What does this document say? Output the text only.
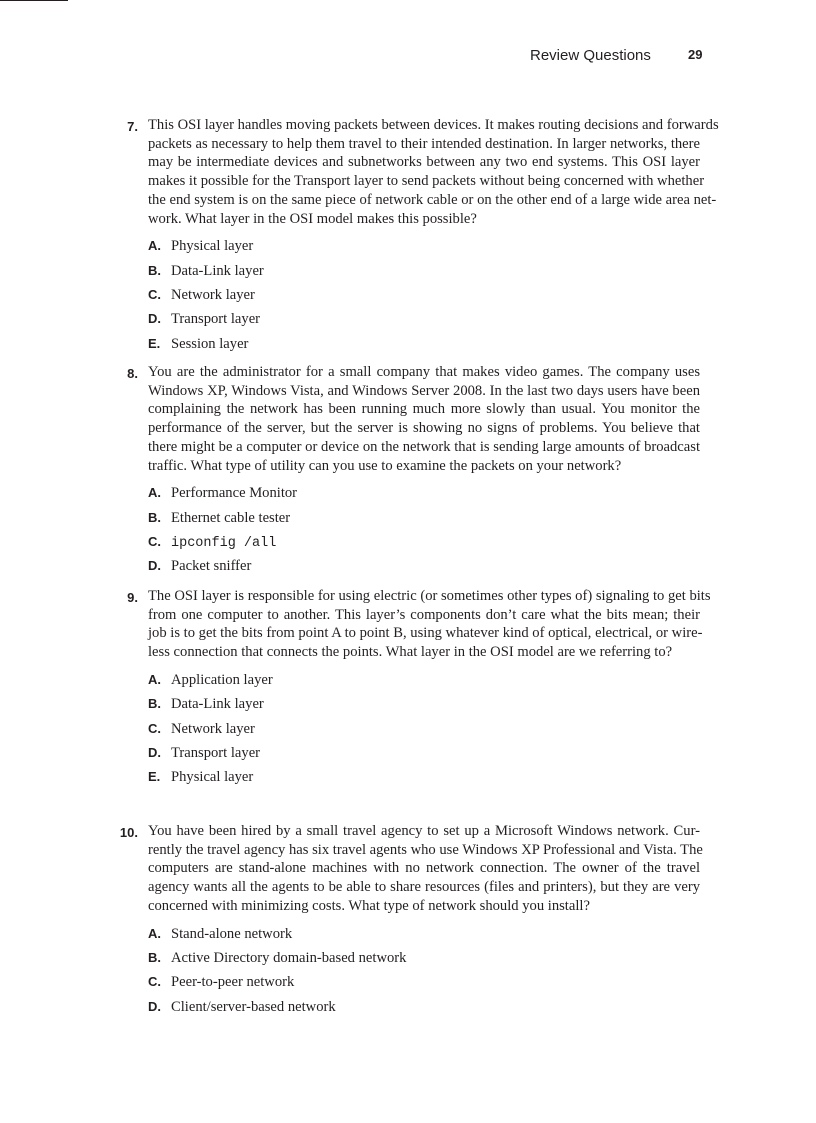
Review Questions	29
7. This OSI layer handles moving packets between devices. It makes routing decisions and forwards
packets as necessary to help them travel to their intended destination. In larger networks, there
may be intermediate devices and subnetworks between any two end systems. This OSI layer
makes it possible for the Transport layer to send packets without being concerned with whether
the end system is on the same piece of network cable or on the other end of a large wide area net-
work. What layer in the OSI model makes this possible?
A. Physical layer
B. Data-Link layer
C. Network layer
D. Transport layer
E. Session layer
8. You are the administrator for a small company that makes video games. The company uses
Windows XP, Windows Vista, and Windows Server 2008. In the last two days users have been
complaining the network has been running much more slowly than usual. You monitor the
performance of the server, but the server is showing no signs of problems. You believe that
there might be a computer or device on the network that is sending large amounts of broadcast
traffic. What type of utility can you use to examine the packets on your network?
A. Performance Monitor
B. Ethernet cable tester
C. ipconfig /all
D. Packet sniffer
9. The OSI layer is responsible for using electric (or sometimes other types of) signaling to get bits
from one computer to another. This layer’s components don’t care what the bits mean; their
job is to get the bits from point A to point B, using whatever kind of optical, electrical, or wire-
less connection that connects the points. What layer in the OSI model are we referring to?
A. Application layer
B. Data-Link layer
C. Network layer
D. Transport layer
E. Physical layer
10. You have been hired by a small travel agency to set up a Microsoft Windows network. Cur-
rently the travel agency has six travel agents who use Windows XP Professional and Vista. The
computers are stand-alone machines with no network connection. The owner of the travel
agency wants all the agents to be able to share resources (files and printers), but they are very
concerned with minimizing costs. What type of network should you install?
A. Stand-alone network
B. Active Directory domain-based network
C. Peer-to-peer network
D. Client/server-based network
